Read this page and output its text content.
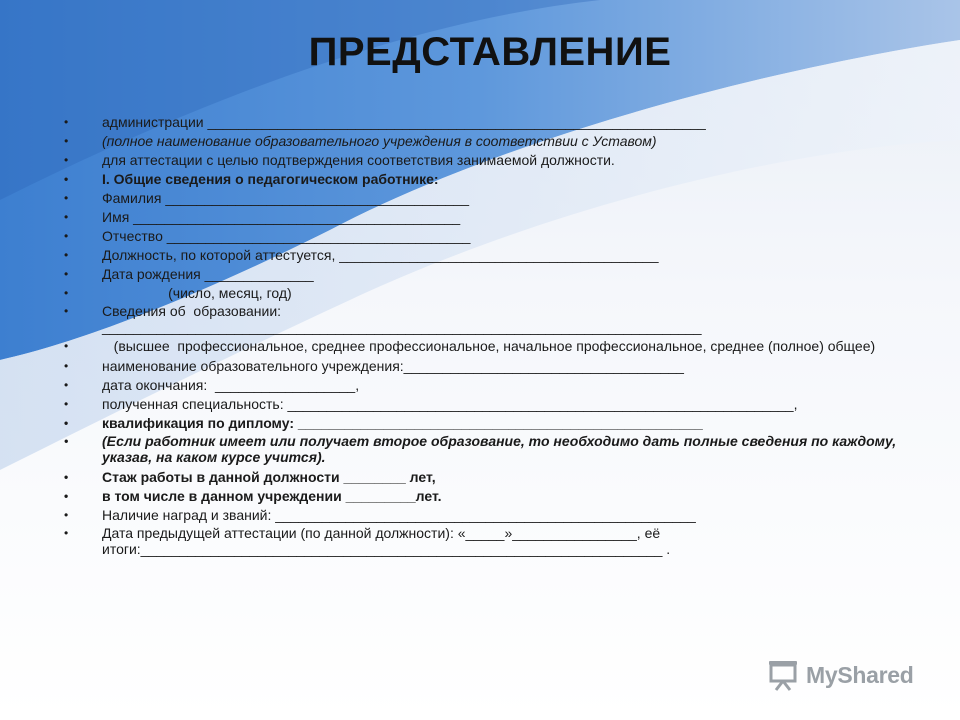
ПРЕДСТАВЛЕНИЕ
• администрации ________________________________________________________________
• (полное наименование образовательного учреждения в соответствии с Уставом)
• для аттестации с целью подтверждения соответствия занимаемой должности.
• I. Общие сведения о педагогическом работнике:
• Фамилия _______________________________________
• Имя __________________________________________
• Отчество _______________________________________
• Должность, по которой аттестуется, _________________________________________
• Дата рождения ______________
• (число, месяц, год)
• Сведения об  образовании:
_____________________________________________________________________________
• (высшее  профессиональное, среднее профессиональное, начальное профессиональное, среднее (полное) общее)
• наименование образовательного учреждения:____________________________________
• дата окончания:  __________________,
• полученная специальность: _________________________________________________________________,
• квалификация по диплому: ____________________________________________________
• (Если работник имеет или получает второе образование, то необходимо дать полные сведения по каждому, указав, на каком курсе учится).
• Стаж работы в данной должности ________ лет,
• в том числе в данном учреждении _________лет.
• Наличие наград и званий: ______________________________________________________
• Дата предыдущей аттестации (по данной должности): «_____»________________, её итоги:___________________________________________________________________ .
MyShared
